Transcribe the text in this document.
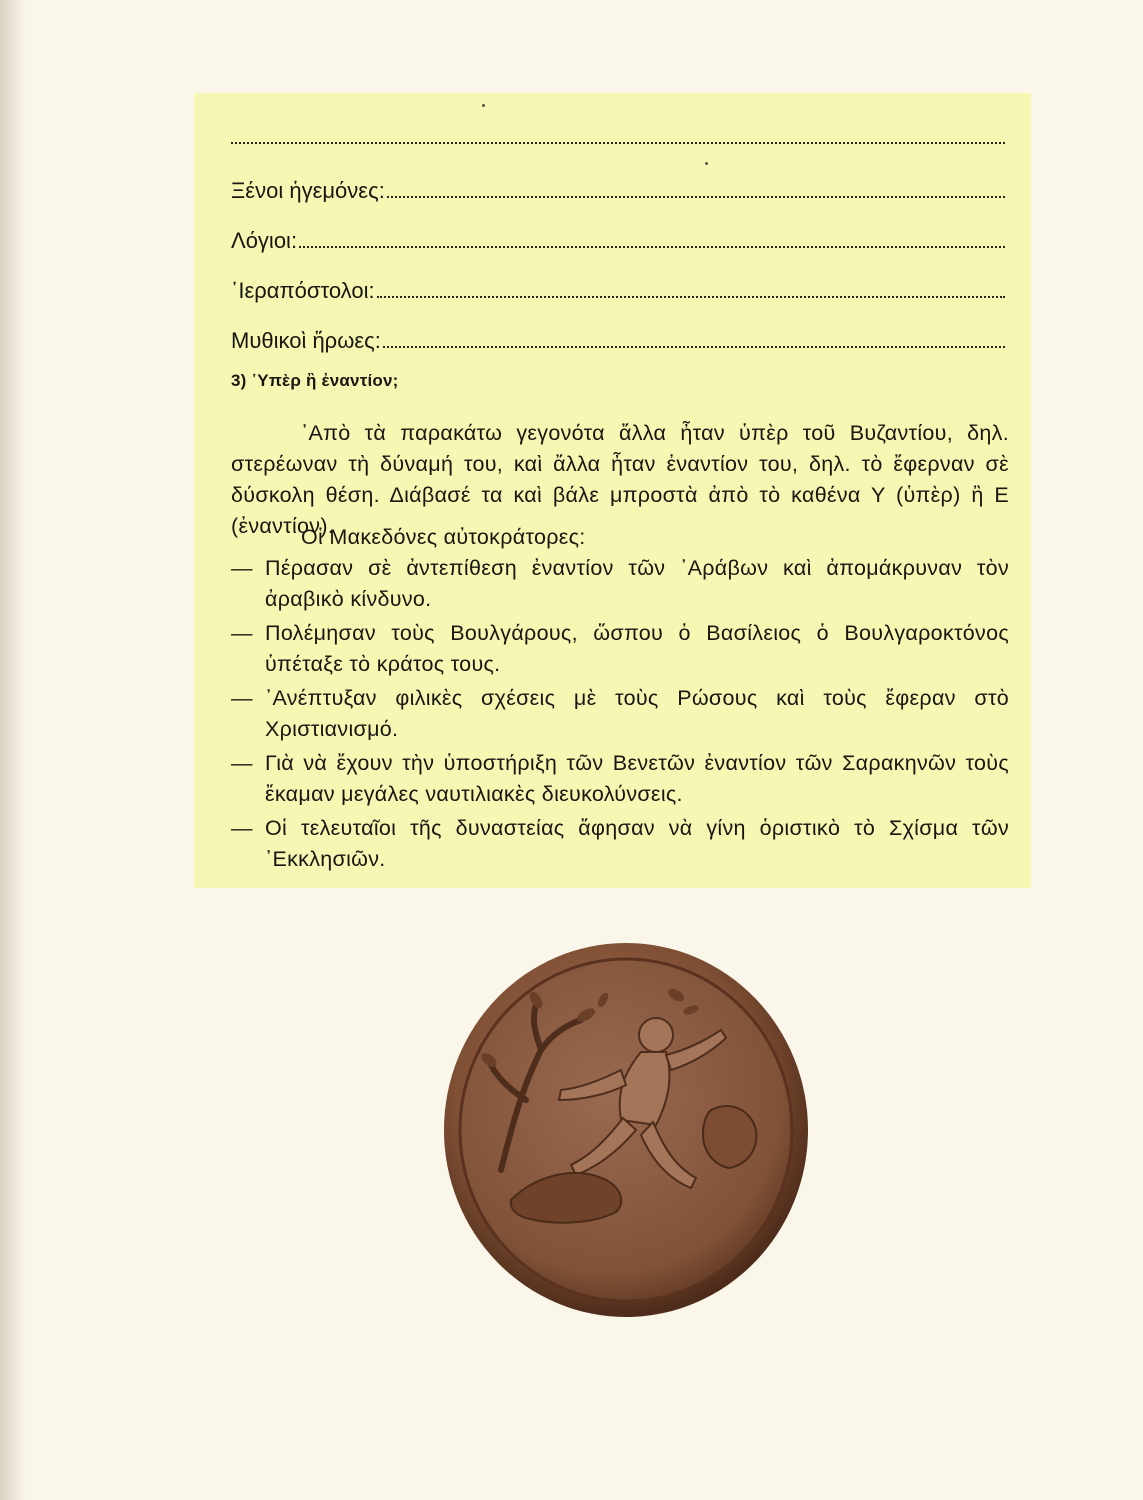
Ξένοι ἡγεμόνες:
Λόγιοι:
῾Ιεραπόστολοι:
Μυθικοὶ ἥρωες:
3) ῾Υπὲρ ἢ ἐναντίον;
᾿Απὸ τὰ παρακάτω γεγονότα ἄλλα ἦταν ὑπὲρ τοῦ Βυζαντίου, δηλ. στερέωναν τὴ δύναμή του, καὶ ἄλλα ἦταν ἐναντίον του, δηλ. τὸ ἔφερναν σὲ δύσκολη θέση. Διάβασέ τα καὶ βάλε μπροστὰ ἀπὸ τὸ καθένα Υ (ὑπὲρ) ἢ Ε (ἐναντίον).
Οἱ Μακεδόνες αὐτοκράτορες:
— Πέρασαν σὲ ἀντεπίθεση ἐναντίον τῶν ᾿Αράβων καὶ ἀπομάκρυναν τὸν ἀραβικὸ κίνδυνο.
— Πολέμησαν τοὺς Βουλγάρους, ὥσπου ὁ Βασίλειος ὁ Βουλγαροκτόνος ὑπέταξε τὸ κράτος τους.
— ᾿Ανέπτυξαν φιλικὲς σχέσεις μὲ τοὺς Ρώσους καὶ τοὺς ἔφεραν στὸ Χριστιανισμό.
— Γιὰ νὰ ἔχουν τὴν ὑποστήριξη τῶν Βενετῶν ἐναντίον τῶν Σαρακηνῶν τοὺς ἔκαμαν μεγάλες ναυτιλιακὲς διευκολύνσεις.
— Οἱ τελευταῖοι τῆς δυναστείας ἄφησαν νὰ γίνη ὁριστικὸ τὸ Σχίσμα τῶν ᾿Εκκλησιῶν.
